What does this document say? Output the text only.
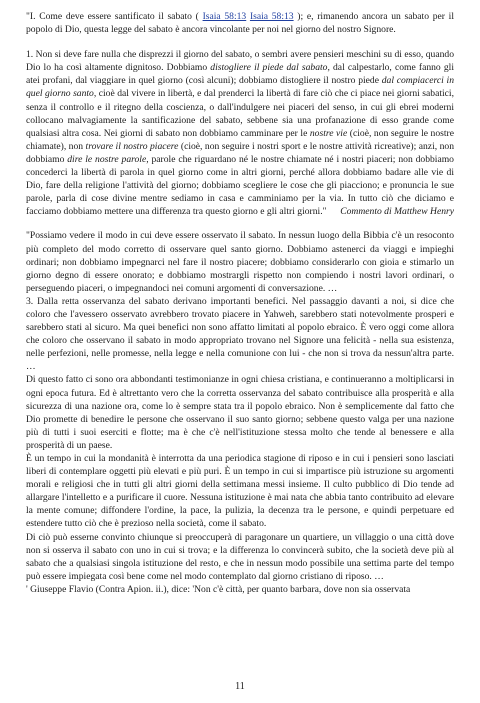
"I. Come deve essere santificato il sabato ( Isaia 58:13 Isaia 58:13 ); e, rimanendo ancora un sabato per il popolo di Dio, questa legge del sabato è ancora vincolante per noi nel giorno del nostro Signore.

1. Non si deve fare nulla che disprezzi il giorno del sabato, o sembri avere pensieri meschini su di esso, quando Dio lo ha così altamente dignitoso. Dobbiamo distogliere il piede dal sabato, dal calpestarlo, come fanno gli atei profani, dal viaggiare in quel giorno (così alcuni); dobbiamo distogliere il nostro piede dal compiacerci in quel giorno santo, cioè dal vivere in libertà, e dal prenderci la libertà di fare ciò che ci piace nei giorni sabatici, senza il controllo e il ritegno della coscienza, o dall'indulgere nei piaceri del senso, in cui gli ebrei moderni collocano malvagiamente la santificazione del sabato, sebbene sia una profanazione di esso grande come qualsiasi altra cosa. Nei giorni di sabato non dobbiamo camminare per le nostre vie (cioè, non seguire le nostre chiamate), non trovare il nostro piacere (cioè, non seguire i nostri sport e le nostre attività ricreative); anzi, non dobbiamo dire le nostre parole, parole che riguardano né le nostre chiamate né i nostri piaceri; non dobbiamo concederci la libertà di parola in quel giorno come in altri giorni, perché allora dobbiamo badare alle vie di Dio, fare della religione l'attività del giorno; dobbiamo scegliere le cose che gli piacciono; e pronuncia le sue parole, parla di cose divine mentre sediamo in casa e camminiamo per la via. In tutto ciò che diciamo e facciamo dobbiamo mettere una differenza tra questo giorno e gli altri giorni." Commento di Matthew Henry

"Possiamo vedere il modo in cui deve essere osservato il sabato. In nessun luogo della Bibbia c'è un resoconto più completo del modo corretto di osservare quel santo giorno. Dobbiamo astenerci da viaggi e impieghi ordinari; non dobbiamo impegnarci nel fare il nostro piacere; dobbiamo considerarlo con gioia e stimarlo un giorno degno di essere onorato; e dobbiamo mostrargli rispetto non compiendo i nostri lavori ordinari, o perseguendo piaceri, o impegnandoci nei comuni argomenti di conversazione. …

3. Dalla retta osservanza del sabato derivano importanti benefici. Nel passaggio davanti a noi, si dice che coloro che l'avessero osservato avrebbero trovato piacere in Yahweh, sarebbero stati notevolmente prosperi e sarebbero stati al sicuro. Ma quei benefici non sono affatto limitati al popolo ebraico. È vero oggi come allora che coloro che osservano il sabato in modo appropriato trovano nel Signore una felicità - nella sua esistenza, nelle perfezioni, nelle promesse, nella legge e nella comunione con lui - che non si trova da nessun'altra parte. …

Di questo fatto ci sono ora abbondanti testimonianze in ogni chiesa cristiana, e continueranno a moltiplicarsi in ogni epoca futura. Ed è altrettanto vero che la corretta osservanza del sabato contribuisce alla prosperità e alla sicurezza di una nazione ora, come lo è sempre stata tra il popolo ebraico. Non è semplicemente dal fatto che Dio promette di benedire le persone che osservano il suo santo giorno; sebbene questo valga per una nazione più di tutti i suoi eserciti e flotte; ma è che c'è nell'istituzione stessa molto che tende al benessere e alla prosperità di un paese.

È un tempo in cui la mondanità è interrotta da una periodica stagione di riposo e in cui i pensieri sono lasciati liberi di contemplare oggetti più elevati e più puri. È un tempo in cui si impartisce più istruzione su argomenti morali e religiosi che in tutti gli altri giorni della settimana messi insieme. Il culto pubblico di Dio tende ad allargare l'intelletto e a purificare il cuore. Nessuna istituzione è mai nata che abbia tanto contribuito ad elevare la mente comune; diffondere l'ordine, la pace, la pulizia, la decenza tra le persone, e quindi perpetuare ed estendere tutto ciò che è prezioso nella società, come il sabato.

Di ciò può esserne convinto chiunque si preoccuperà di paragonare un quartiere, un villaggio o una città dove non si osserva il sabato con uno in cui si trova; e la differenza lo convincerà subito, che la società deve più al sabato che a qualsiasi singola istituzione del resto, e che in nessun modo possibile una settima parte del tempo può essere impiegata così bene come nel modo contemplato dal giorno cristiano di riposo. …

' Giuseppe Flavio (Contra Apion. ii.), dice: 'Non c'è città, per quanto barbara, dove non sia osservata

11
